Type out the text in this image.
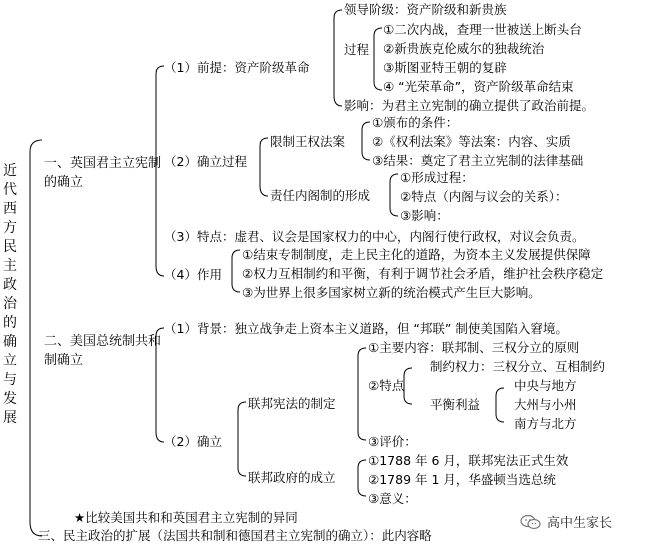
近代西方民主政治的确立与发展
一、英国君主立宪制的确立
（1）前提：资产阶级革命
领导阶级：资产阶级和新贵族
过程
①二次内战，查理一世被送上断头台
②新贵族克伦威尔的独裁统治
③斯图亚特王朝的复辟
④ “光荣革命”，资产阶级革命结束
影响：为君主立宪制的确立提供了政治前提。
（2）确立过程
限制王权法案
①颁布的条件：
②《权利法案》等法案：内容、实质
③结果：奠定了君主立宪制的法律基础
责任内阁制的形成
①形成过程：
②特点（内阁与议会的关系）：
③影响：
（3）特点：虚君、议会是国家权力的中心，内阁行使行政权，对议会负责。
（4）作用
①结束专制制度，走上民主化的道路，为资本主义发展提供保障
②权力互相制约和平衡，有利于调节社会矛盾，维护社会秩序稳定
③为世界上很多国家树立新的统治模式产生巨大影响。
二、美国总统制共和制确立
（1）背景：独立战争走上资本主义道路，但 “邦联” 制使美国陷入窘境。
（2）确立
联邦宪法的制定
①主要内容：联邦制、三权分立的原则
②特点
制约权力：三权分立、互相制约
平衡利益
中央与地方
大州与小州
南方与北方
③评价：
联邦政府的成立
①1788 年 6 月，联邦宪法正式生效
②1789 年 1 月，华盛顿当选总统
③意义：
★比较美国共和和英国君主立宪制的异同
三、民主政治的扩展（法国共和制和德国君主立宪制的确立）：此内容略
高中生家长
